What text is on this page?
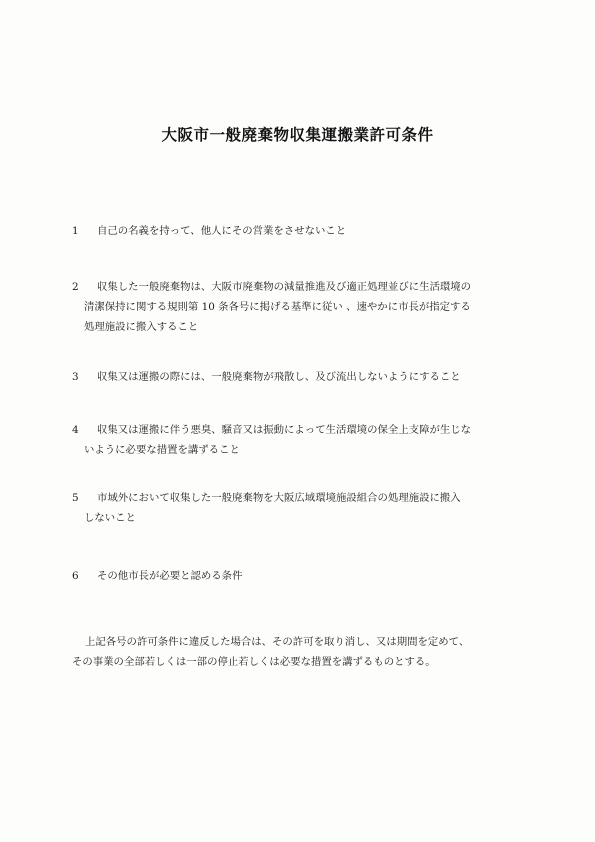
大阪市一般廃棄物収集運搬業許可条件
1	自己の名義を持って、他人にその営業をさせないこと
2	収集した一般廃棄物は、大阪市廃棄物の減量推進及び適正処理並びに生活環境の
清潔保持に関する規則第 10 条各号に掲げる基準に従い 、速やかに市長が指定する
処理施設に搬入すること
3	収集又は運搬の際には、一般廃棄物が飛散し、及び流出しないようにすること
4	収集又は運搬に伴う悪臭、騒音又は振動によって生活環境の保全上支障が生じな
いように必要な措置を講ずること
5	市域外において収集した一般廃棄物を大阪広域環境施設組合の処理施設に搬入
しないこと
6	その他市長が必要と認める条件
上記各号の許可条件に違反した場合は、その許可を取り消し、又は期間を定めて、
その事業の全部若しくは一部の停止若しくは必要な措置を講ずるものとする。
